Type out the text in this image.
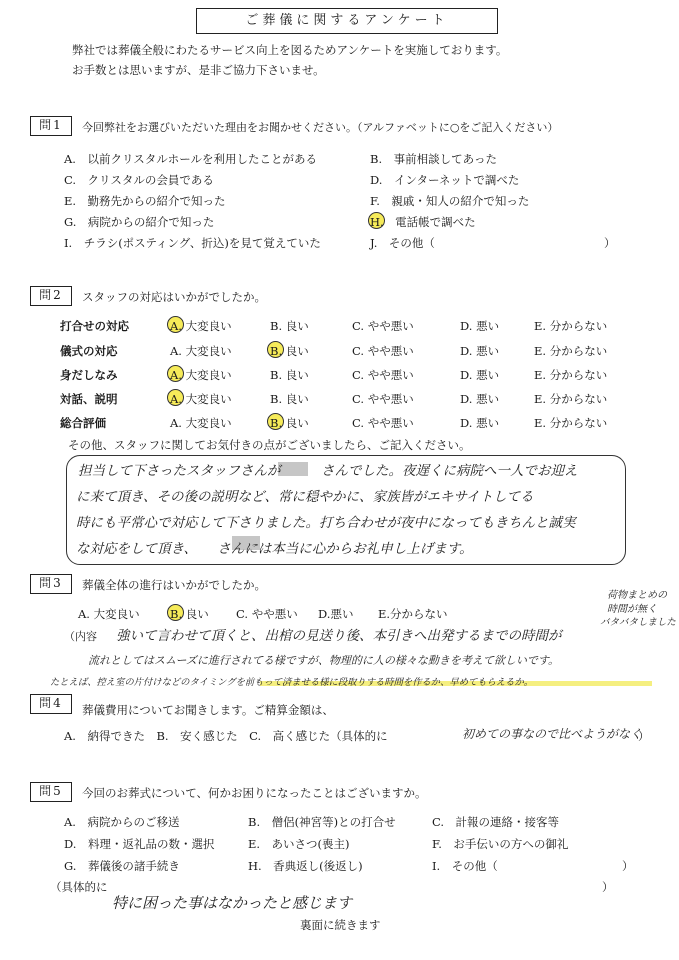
ご葬儀に関するアンケート
弊社では葬儀全般にわたるサービス向上を図るためアンケートを実施しております。
お手数とは思いますが、是非ご協力下さいませ。
問1	今回弊社をお選びいただいた理由をお聞かせください。（アルファベットに○をご記入ください）
A.　以前クリスタルホールを利用したことがある	B.　事前相談してあった
C.　クリスタルの会員である	D.　インターネットで調べた
E.　勤務先からの紹介で知った	F.　親戚・知人の紹介で知った
G.　病院からの紹介で知った	H.　電話帳で調べた
I.　チラシ(ポスティング、折込)を見て覚えていた	J.　その他（	）
問2	スタッフの対応はいかがでしたか。
打合せの対応	A. 大変良い	B. 良い	C. やや悪い	D. 悪い	E. 分からない
儀式の対応	A. 大変良い	B. 良い	C. やや悪い	D. 悪い	E. 分からない
身だしなみ	A. 大変良い	B. 良い	C. やや悪い	D. 悪い	E. 分からない
対話、説明	A. 大変良い	B. 良い	C. やや悪い	D. 悪い	E. 分からない
総合評価	A. 大変良い	B. 良い	C. やや悪い	D. 悪い	E. 分からない
その他、スタッフに関してお気付きの点がございましたら、ご記入ください。
担当して下さったスタッフさんが　　　さんでした。夜遅くに病院へ一人でお迎え
に来て頂き、その後の説明など、常に穏やかに、家族皆がエキサイトしてる
時にも平常心で対応して下さりました。打ち合わせが夜中になってもきちんと誠実
な対応をして頂き、　　さんには本当に心からお礼申し上げます。
問3	葬儀全体の進行はいかがでしたか。
A. 大変良い	B. 良い C. やや悪い D.悪い E.分からない
荷物まとめの
時間が無く
バタバタしました
（内容 強いて言わせて頂くと、出棺の見送り後、本引きへ出発するまでの時間が
流れとしてはスムーズに進行されてる様ですが、物理的に人の様々な動きを考えて欲しいです。
たとえば、控え室の片付けなどのタイミングを前もって済ませる様に段取りする時間を作るか、早めてもらえるか。
問4	葬儀費用についてお聞きします。ご精算金額は、
A.　納得できた　B.　安く感じた　C.　高く感じた（具体的に	初めての事なので比べようがなく
）
問5	今回のお葬式について、何かお困りになったことはございますか。
A.　病院からのご移送	B.　僧侶(神宮等)との打合せ	C.　計報の連絡・接客等
D.　料理・返礼品の数・選択	E.　あいさつ(喪主)	F.　お手伝いの方への御礼
G.　葬儀後の諸手続き	H.　香典返し(後返し)	I.　その他（	）
（具体的に	）
特に困った事はなかったと感じます
裏面に続きます
